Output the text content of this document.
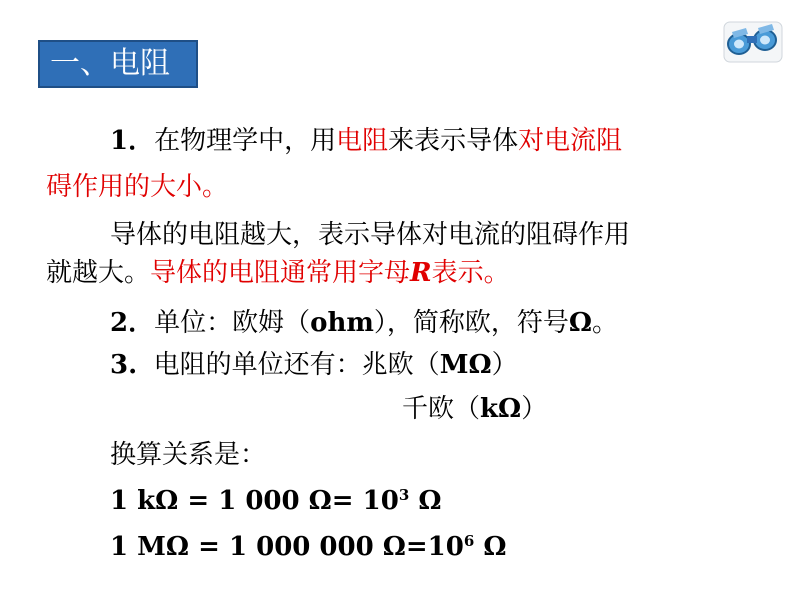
一、电阻
1．在物理学中，用电阻来表示导体对电流阻
碍作用的大小。
导体的电阻越大，表示导体对电流的阻碍作用
就越大。导体的电阻通常用字母R表示。
2．单位：欧姆（ohm），简称欧，符号Ω。
3.  电阻的单位还有：兆欧（MΩ）
千欧（kΩ）
换算关系是：
1 kΩ = 1 000 $\Omega= 10^3$ Ω
1 MΩ = 1 000 000 $\Omega=10^6$ Ω
